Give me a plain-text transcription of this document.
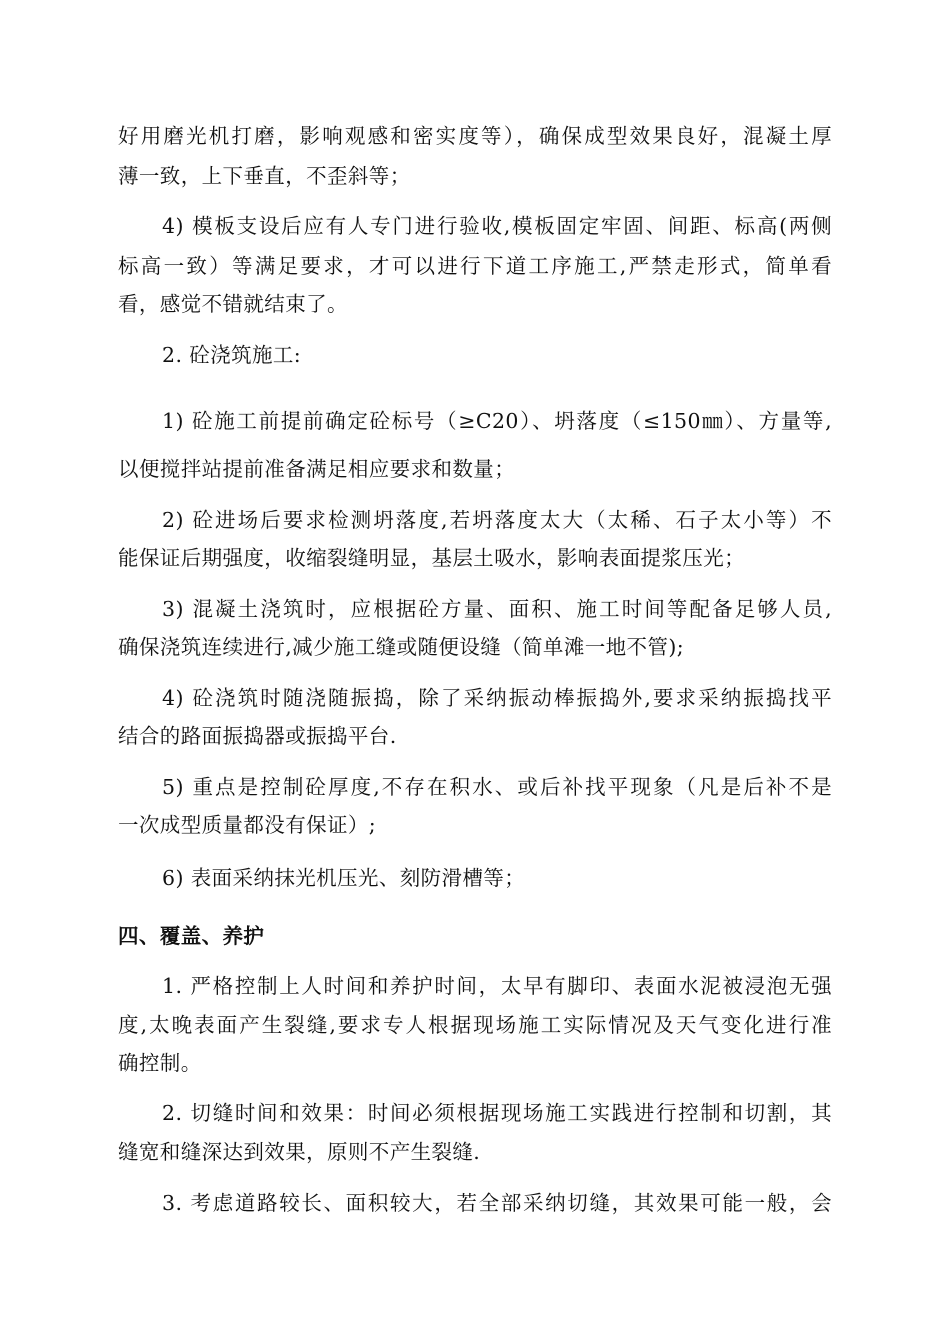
好用磨光机打磨，影响观感和密实度等），确保成型效果良好，混凝土厚
薄一致，上下垂直，不歪斜等；
4) 模板支设后应有人专门进行验收,模板固定牢固、间距、标高(两侧
标高一致）等满足要求，才可以进行下道工序施工,严禁走形式，简单看
看，感觉不错就结束了。
2. 砼浇筑施工:
1) 砼施工前提前确定砼标号（≥C20）、坍落度（≤150㎜）、方量等,
以便搅拌站提前准备满足相应要求和数量；
2) 砼进场后要求检测坍落度,若坍落度太大（太稀、石子太小等）不
能保证后期强度，收缩裂缝明显，基层土吸水，影响表面提浆压光；
3) 混凝土浇筑时，应根据砼方量、面积、施工时间等配备足够人员,
确保浇筑连续进行,减少施工缝或随便设缝（简单滩一地不管);
4) 砼浇筑时随浇随振捣，除了采纳振动棒振捣外,要求采纳振捣找平
结合的路面振捣器或振捣平台.
5) 重点是控制砼厚度,不存在积水、或后补找平现象（凡是后补不是
一次成型质量都没有保证）;
6) 表面采纳抹光机压光、刻防滑槽等；
四、覆盖、养护
1. 严格控制上人时间和养护时间，太早有脚印、表面水泥被浸泡无强
度,太晚表面产生裂缝,要求专人根据现场施工实际情况及天气变化进行准
确控制。
2. 切缝时间和效果：时间必须根据现场施工实践进行控制和切割，其
缝宽和缝深达到效果，原则不产生裂缝.
3. 考虑道路较长、面积较大，若全部采纳切缝，其效果可能一般，会
